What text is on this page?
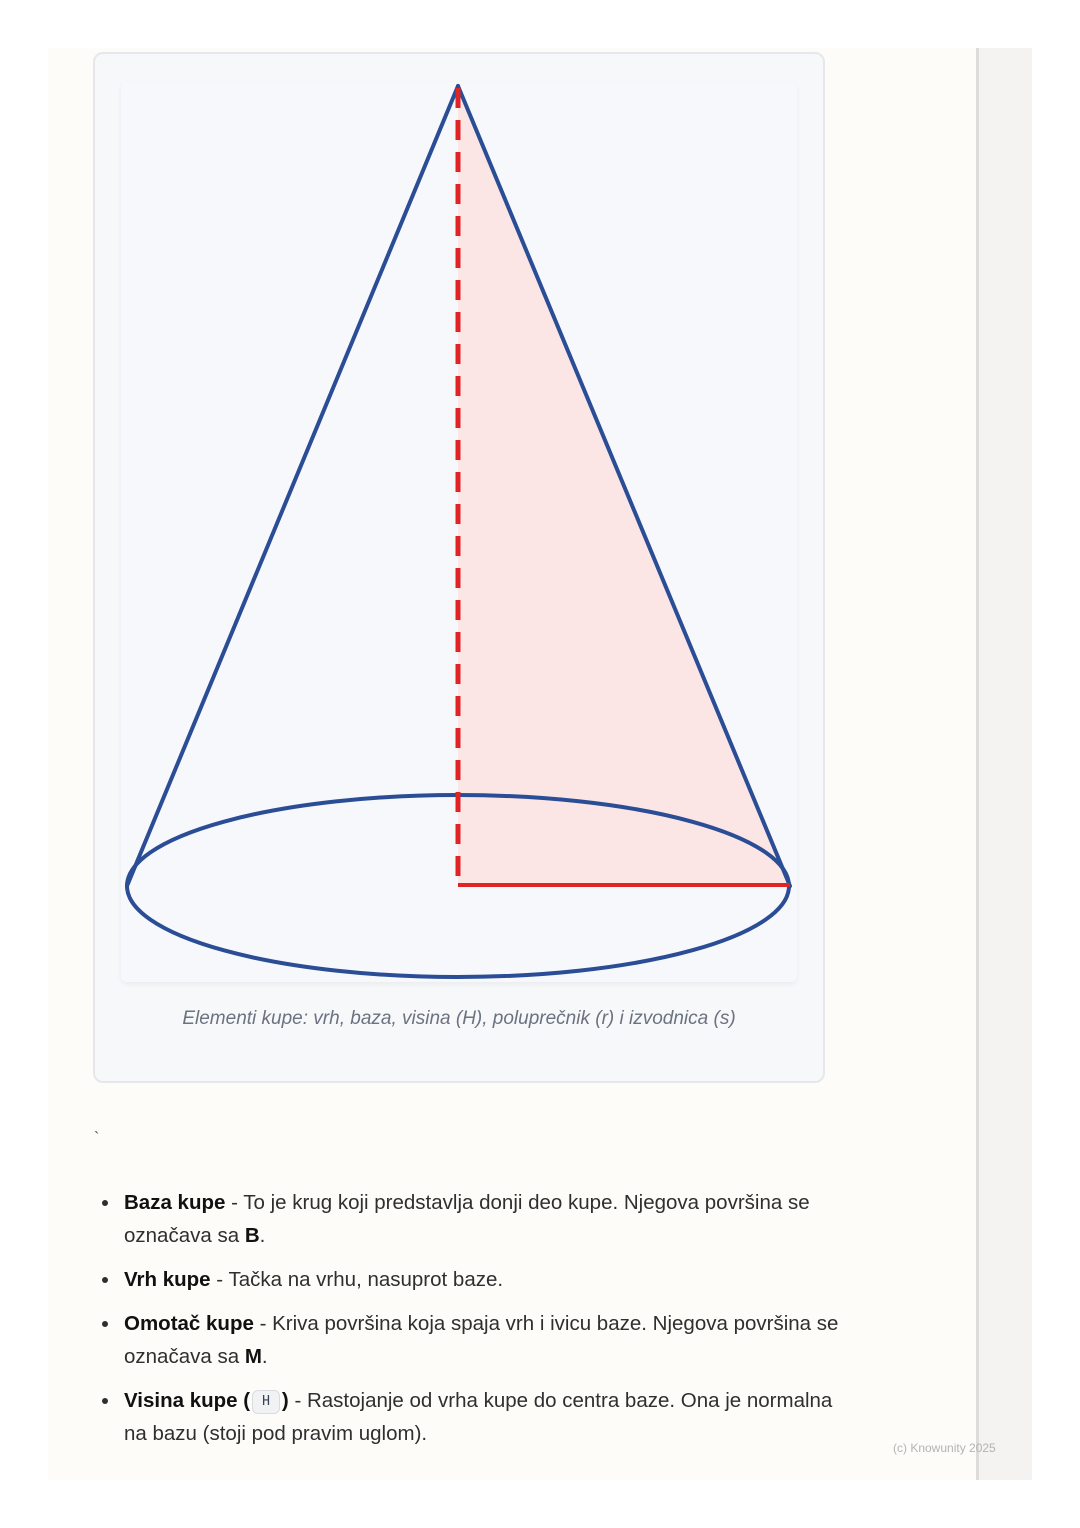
Elementi kupe: vrh, baza, visina (H), poluprečnik (r) i izvodnica (s)
`
Baza kupe - To je krug koji predstavlja donji deo kupe. Njegova površina se označava sa B.
Vrh kupe - Tačka na vrhu, nasuprot baze.
Omotač kupe - Kriva površina koja spaja vrh i ivicu baze. Njegova površina se označava sa M.
Visina kupe ( H ) - Rastojanje od vrha kupe do centra baze. Ona je normalna na bazu (stoji pod pravim uglom).
(c) Knowunity 2025
